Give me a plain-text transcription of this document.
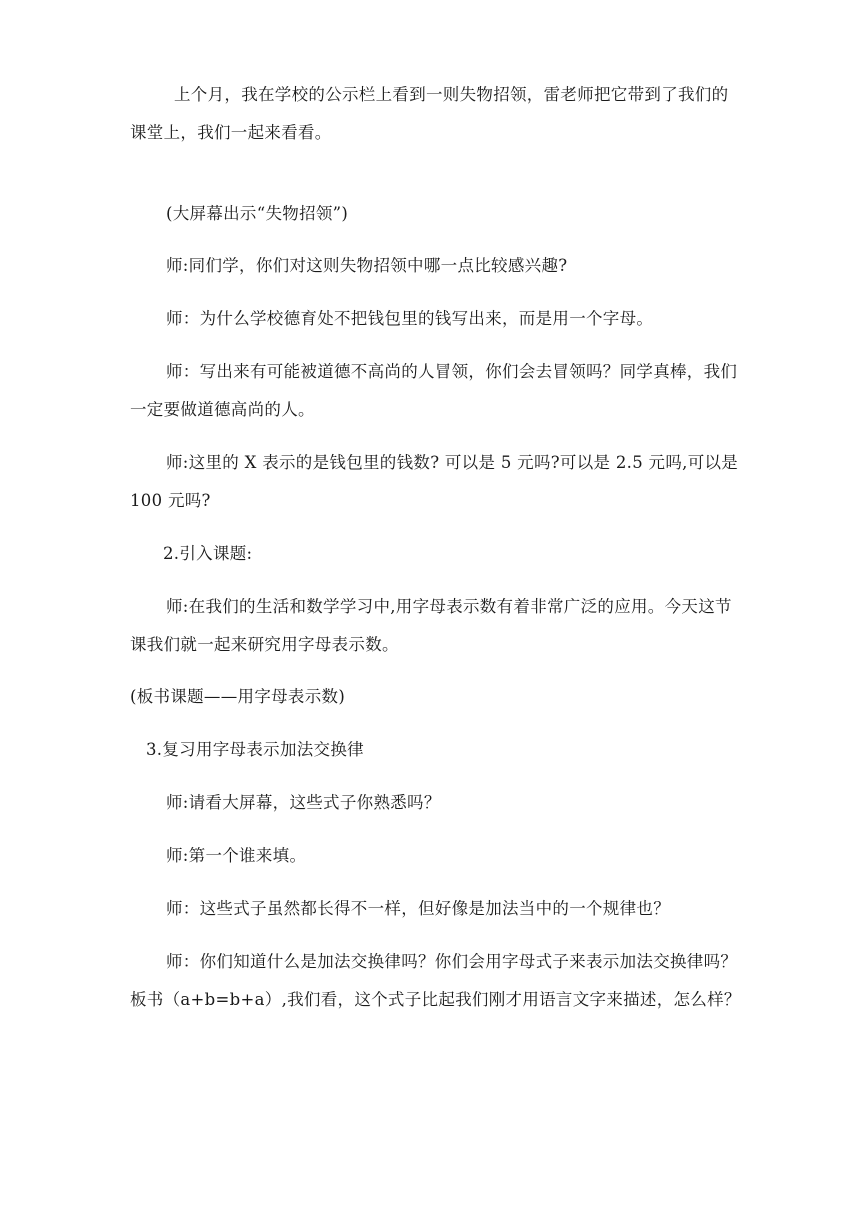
上个月，我在学校的公示栏上看到一则失物招领，雷老师把它带到了我们的课堂上，我们一起来看看。

(大屏幕出示“失物招领”)

师:同们学，你们对这则失物招领中哪一点比较感兴趣?

师：为什么学校德育处不把钱包里的钱写出来，而是用一个字母。

师：写出来有可能被道德不高尚的人冒领，你们会去冒领吗？同学真棒，我们一定要做道德高尚的人。

师:这里的 X 表示的是钱包里的钱数? 可以是 5 元吗?可以是 2.5 元吗,可以是 100 元吗?

2.引入课题:

师:在我们的生活和数学学习中,用字母表示数有着非常广泛的应用。今天这节课我们就一起来研究用字母表示数。

(板书课题——用字母表示数)

3.复习用字母表示加法交换律

师:请看大屏幕，这些式子你熟悉吗？

师:第一个谁来填。

师：这些式子虽然都长得不一样，但好像是加法当中的一个规律也？

师：你们知道什么是加法交换律吗？你们会用字母式子来表示加法交换律吗？板书（a+b=b+a）,我们看，这个式子比起我们刚才用语言文字来描述，怎么样？
